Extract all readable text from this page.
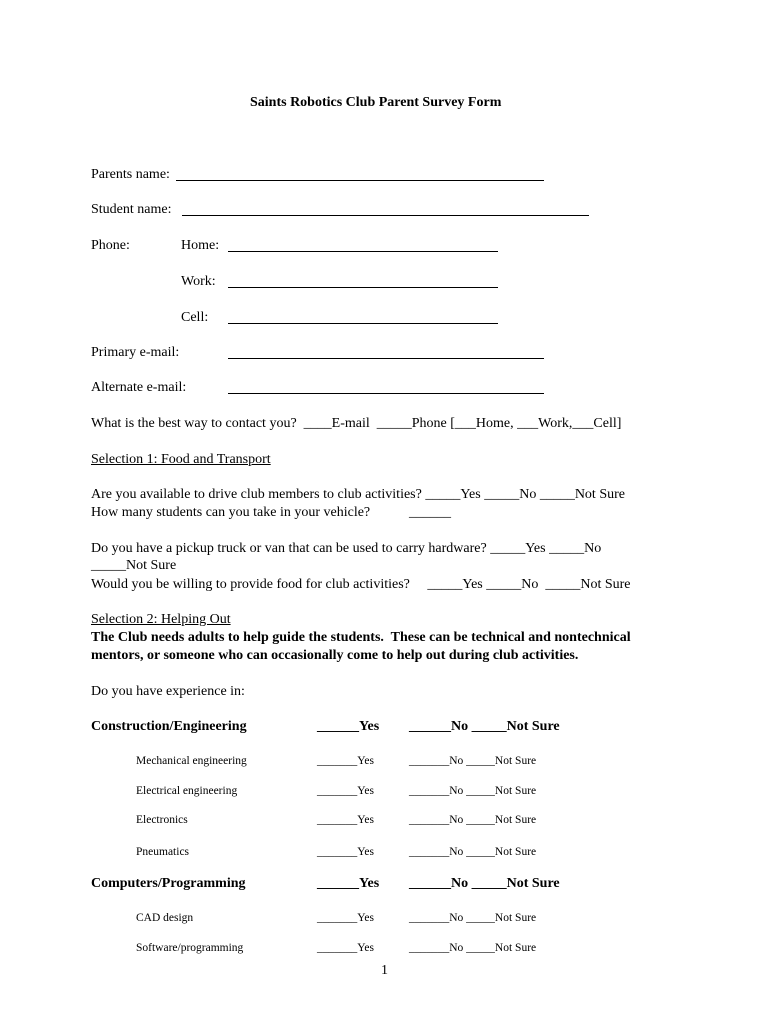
Saints Robotics Club Parent Survey Form
Parents name:
Student name:
Phone:	Home:
Work:
Cell:
Primary e-mail:
Alternate e-mail:
What is the best way to contact you?  ____E-mail  _____Phone [___Home, ___Work,___Cell]
Selection 1: Food and Transport
Are you available to drive club members to club activities? _____Yes _____No _____Not Sure
How many students can you take in your vehicle?	______
Do you have a pickup truck or van that can be used to carry hardware? _____Yes _____No
_____Not Sure
Would you be willing to provide food for club activities?     _____Yes _____No  _____Not Sure
Selection 2: Helping Out
The Club needs adults to help guide the students.  These can be technical and nontechnical
mentors, or someone who can occasionally come to help out during club activities.
Do you have experience in:
Construction/Engineering	______Yes ______No _____Not Sure
Mechanical engineering	_______Yes	_______No _____Not Sure
Electrical engineering	_______Yes	_______No _____Not Sure
Electronics	_______Yes	_______No _____Not Sure
Pneumatics	_______Yes	_______No _____Not Sure
Computers/Programming	______Yes ______No _____Not Sure
CAD design	_______Yes	_______No _____Not Sure
Software/programming	_______Yes	_______No _____Not Sure
1
